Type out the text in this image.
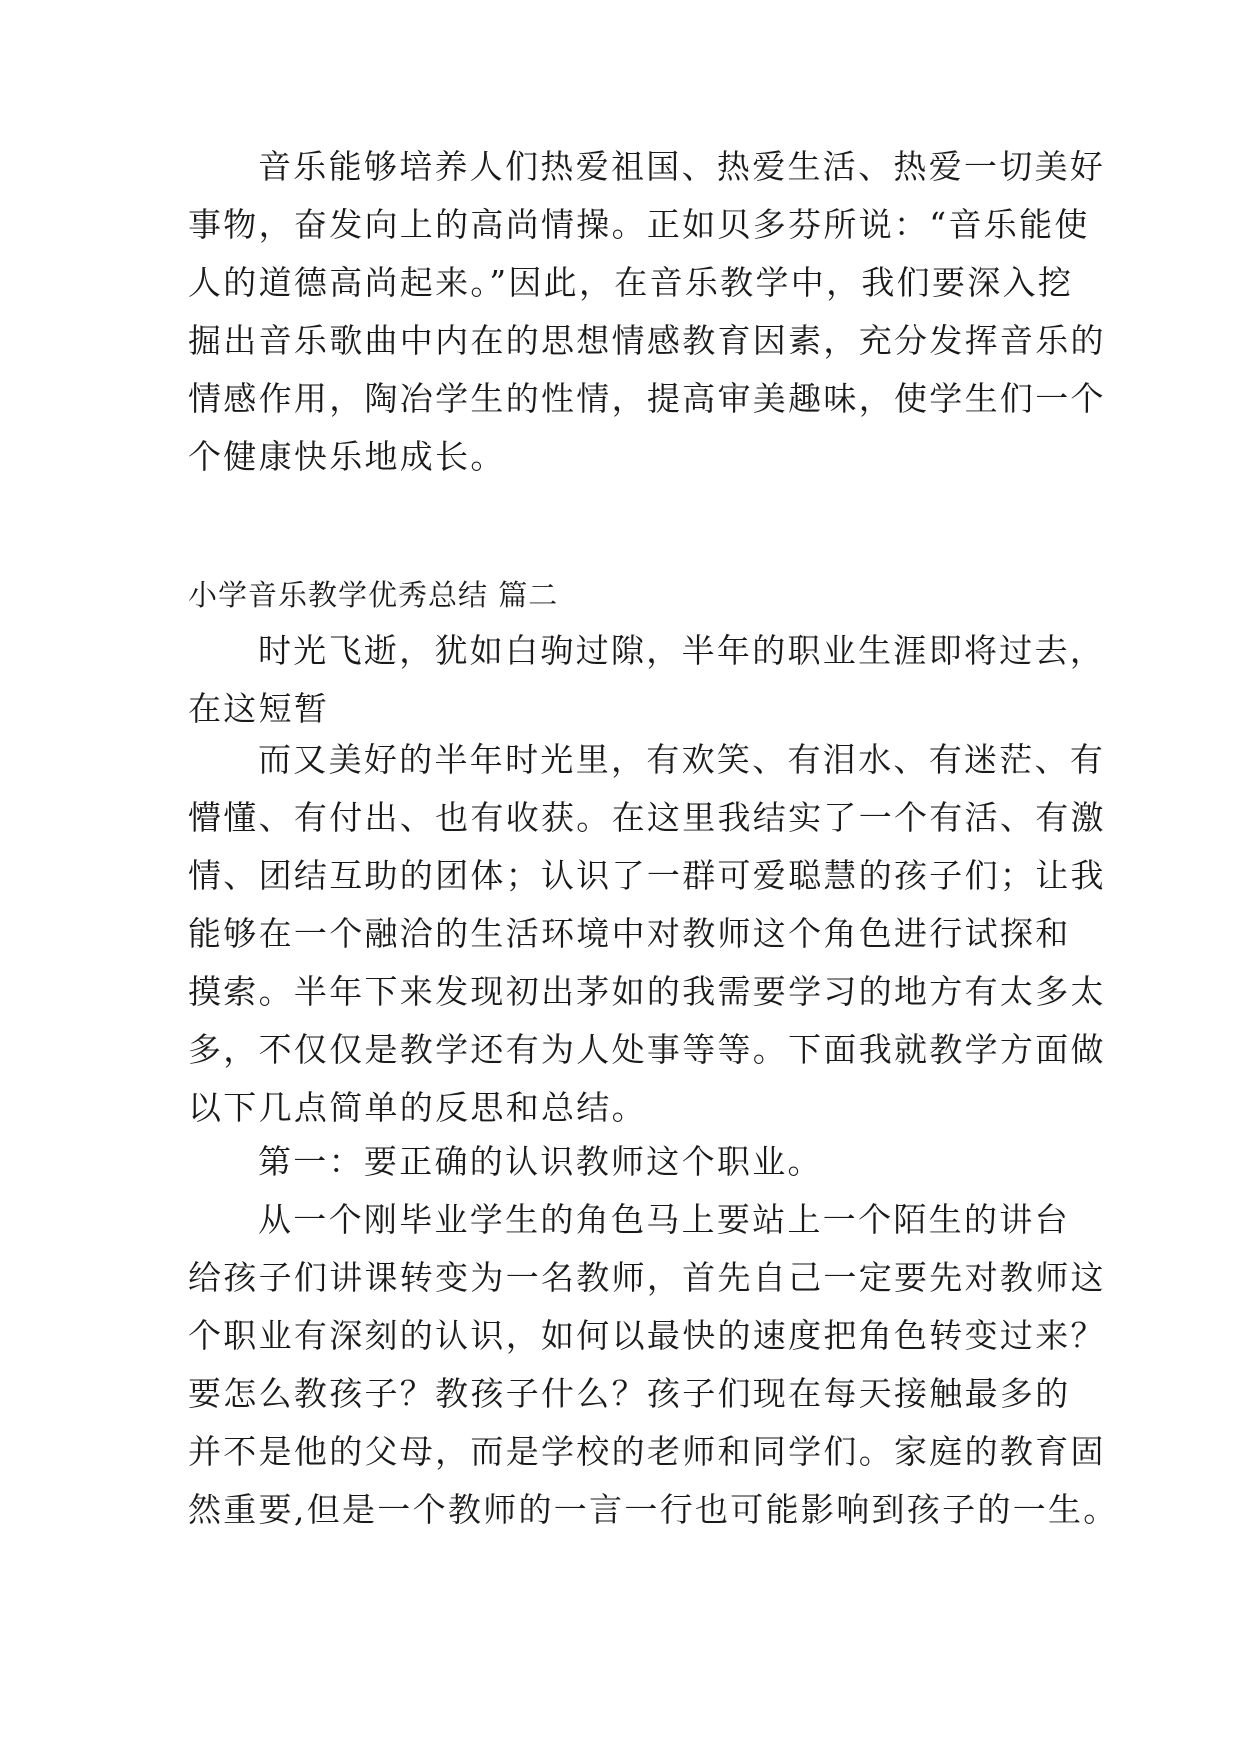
音乐能够培养人们热爱祖国、热爱生活、热爱一切美好
事物，奋发向上的高尚情操。正如贝多芬所说：“音乐能使
人的道德高尚起来。”因此，在音乐教学中，我们要深入挖
掘出音乐歌曲中内在的思想情感教育因素，充分发挥音乐的
情感作用，陶冶学生的性情，提高审美趣味，使学生们一个
个健康快乐地成长。
小学音乐教学优秀总结 篇二
时光飞逝，犹如白驹过隙，半年的职业生涯即将过去，
在这短暂
而又美好的半年时光里，有欢笑、有泪水、有迷茫、有
懵懂、有付出、也有收获。在这里我结实了一个有活、有激
情、团结互助的团体；认识了一群可爱聪慧的孩子们；让我
能够在一个融洽的生活环境中对教师这个角色进行试探和
摸索。半年下来发现初出茅如的我需要学习的地方有太多太
多，不仅仅是教学还有为人处事等等。下面我就教学方面做
以下几点简单的反思和总结。
第一：要正确的认识教师这个职业。
从一个刚毕业学生的角色马上要站上一个陌生的讲台
给孩子们讲课转变为一名教师，首先自己一定要先对教师这
个职业有深刻的认识，如何以最快的速度把角色转变过来？
要怎么教孩子？教孩子什么？孩子们现在每天接触最多的
并不是他的父母，而是学校的老师和同学们。家庭的教育固
然重要,但是一个教师的一言一行也可能影响到孩子的一生。
